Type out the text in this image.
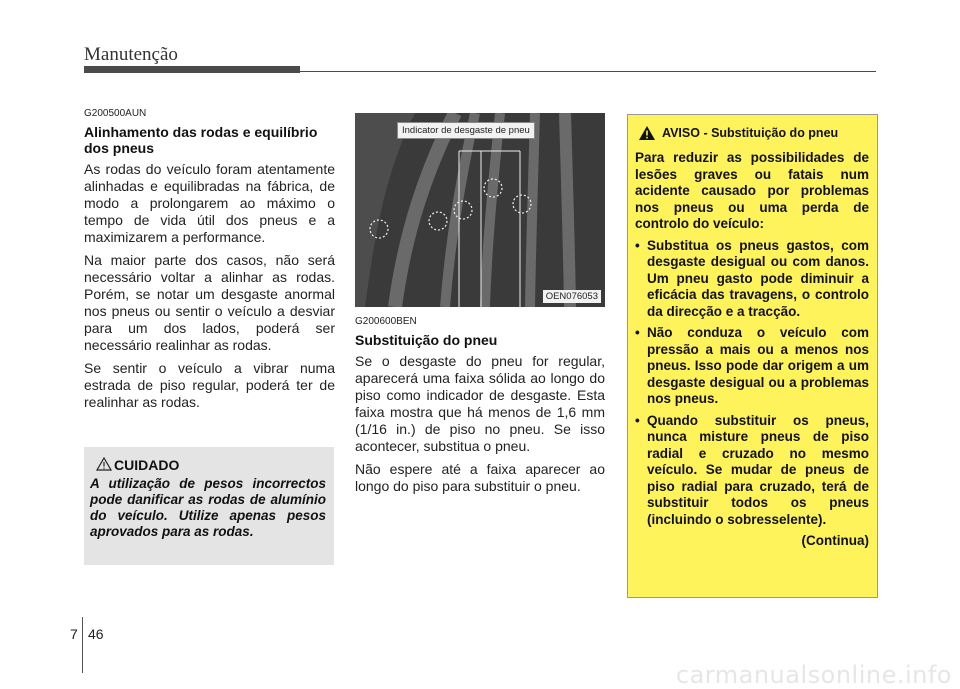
Manutenção
G200500AUN
Alinhamento das rodas e equilíbrio dos pneus

As rodas do veículo foram atentamente alinhadas e equilibradas na fábrica, de modo a prolongarem ao máximo o tempo de vida útil dos pneus e a maximizarem a performance.

Na maior parte dos casos, não será necessário voltar a alinhar as rodas. Porém, se notar um desgaste anormal nos pneus ou sentir o veículo a desviar para um dos lados, poderá ser necessário realinhar as rodas.

Se sentir o veículo a vibrar numa estrada de piso regular, poderá ter de realinhar as rodas.

CUIDADO
A utilização de pesos incorrectos pode danificar as rodas de alumínio do veículo. Utilize apenas pesos aprovados para as rodas.
Indicator de desgaste de pneu
OEN076053
G200600BEN
Substituição do pneu

Se o desgaste do pneu for regular, aparecerá uma faixa sólida ao longo do piso como indicador de desgaste. Esta faixa mostra que há menos de 1,6 mm (1/16 in.) de piso no pneu. Se isso acontecer, substitua o pneu.

Não espere até a faixa aparecer ao longo do piso para substituir o pneu.

AVISO - Substituição do pneu

Para reduzir as possibilidades de lesões graves ou fatais num acidente causado por problemas nos pneus ou uma perda de controlo do veículo:

• Substitua os pneus gastos, com desgaste desigual ou com danos. Um pneu gasto pode diminuir a eficácia das travagens, o controlo da direcção e a tracção.
• Não conduza o veículo com pressão a mais ou a menos nos pneus. Isso pode dar origem a um desgaste desigual ou a problemas nos pneus.
• Quando substituir os pneus, nunca misture pneus de piso radial e cruzado no mesmo veículo. Se mudar de pneus de piso radial para cruzado, terá de substituir todos os pneus (incluindo o sobresselente).
(Continua)
7 46
carmanualsonline.info
